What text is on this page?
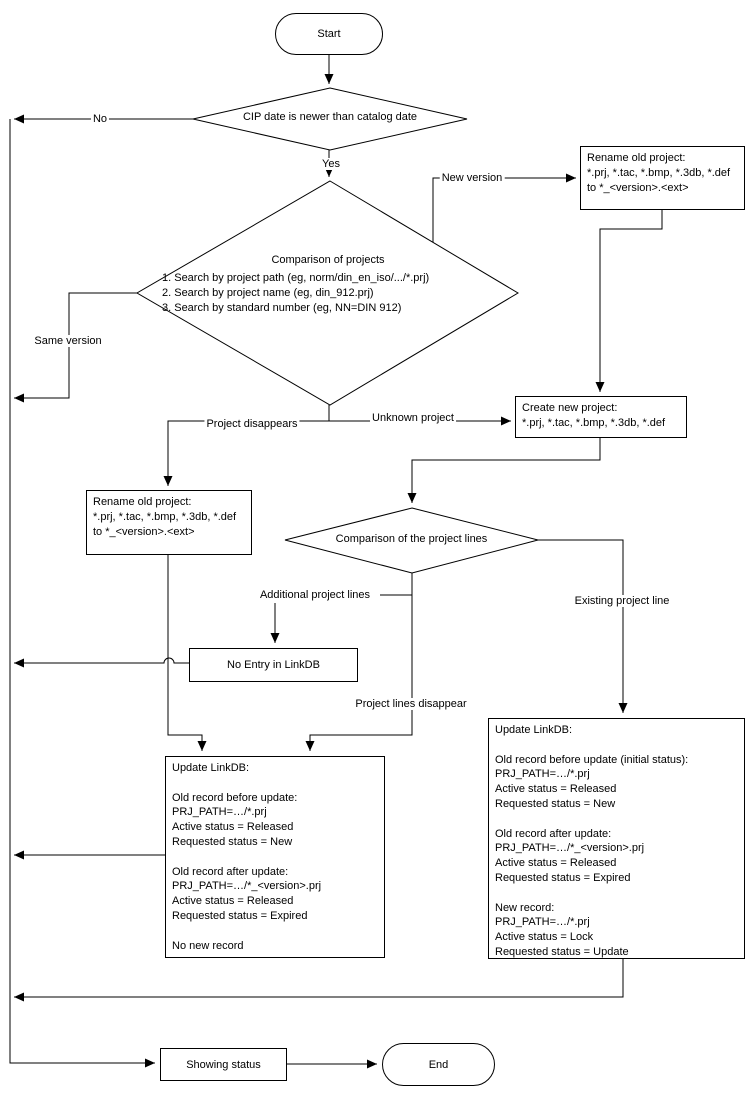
Start
CIP date is newer than catalog date
Rename old project:
*.prj, *.tac, *.bmp, *.3db, *.def
to *_<version>.<ext>
Comparison of projects
1. Search by project path (eg, norm/din_en_iso/.../*.prj)
2. Search by project name (eg, din_912.prj)
3. Search by standard number (eg, NN=DIN 912)
Create new project:
*.prj, *.tac, *.bmp, *.3db, *.def
Rename old project:
*.prj, *.tac, *.bmp, *.3db, *.def
to *_<version>.<ext>
Comparison of the project lines
No Entry in LinkDB
Update LinkDB:
Old record before update:
PRJ_PATH=…/*.prj
Active status = Released
Requested status = New
Old record after update:
PRJ_PATH=…/*_<version>.prj
Active status = Released
Requested status = Expired
No new record
Update LinkDB:
Old record before update (initial status):
PRJ_PATH=…/*.prj
Active status = Released
Requested status = New
Old record after update:
PRJ_PATH=…/*_<version>.prj
Active status = Released
Requested status = Expired
New record:
PRJ_PATH=…/*.prj
Active status = Lock
Requested status = Update
Showing status	End
No
Yes
New version
Same version
Project disappears	Unknown project
Additional project lines
Project lines disappear
Existing project line
